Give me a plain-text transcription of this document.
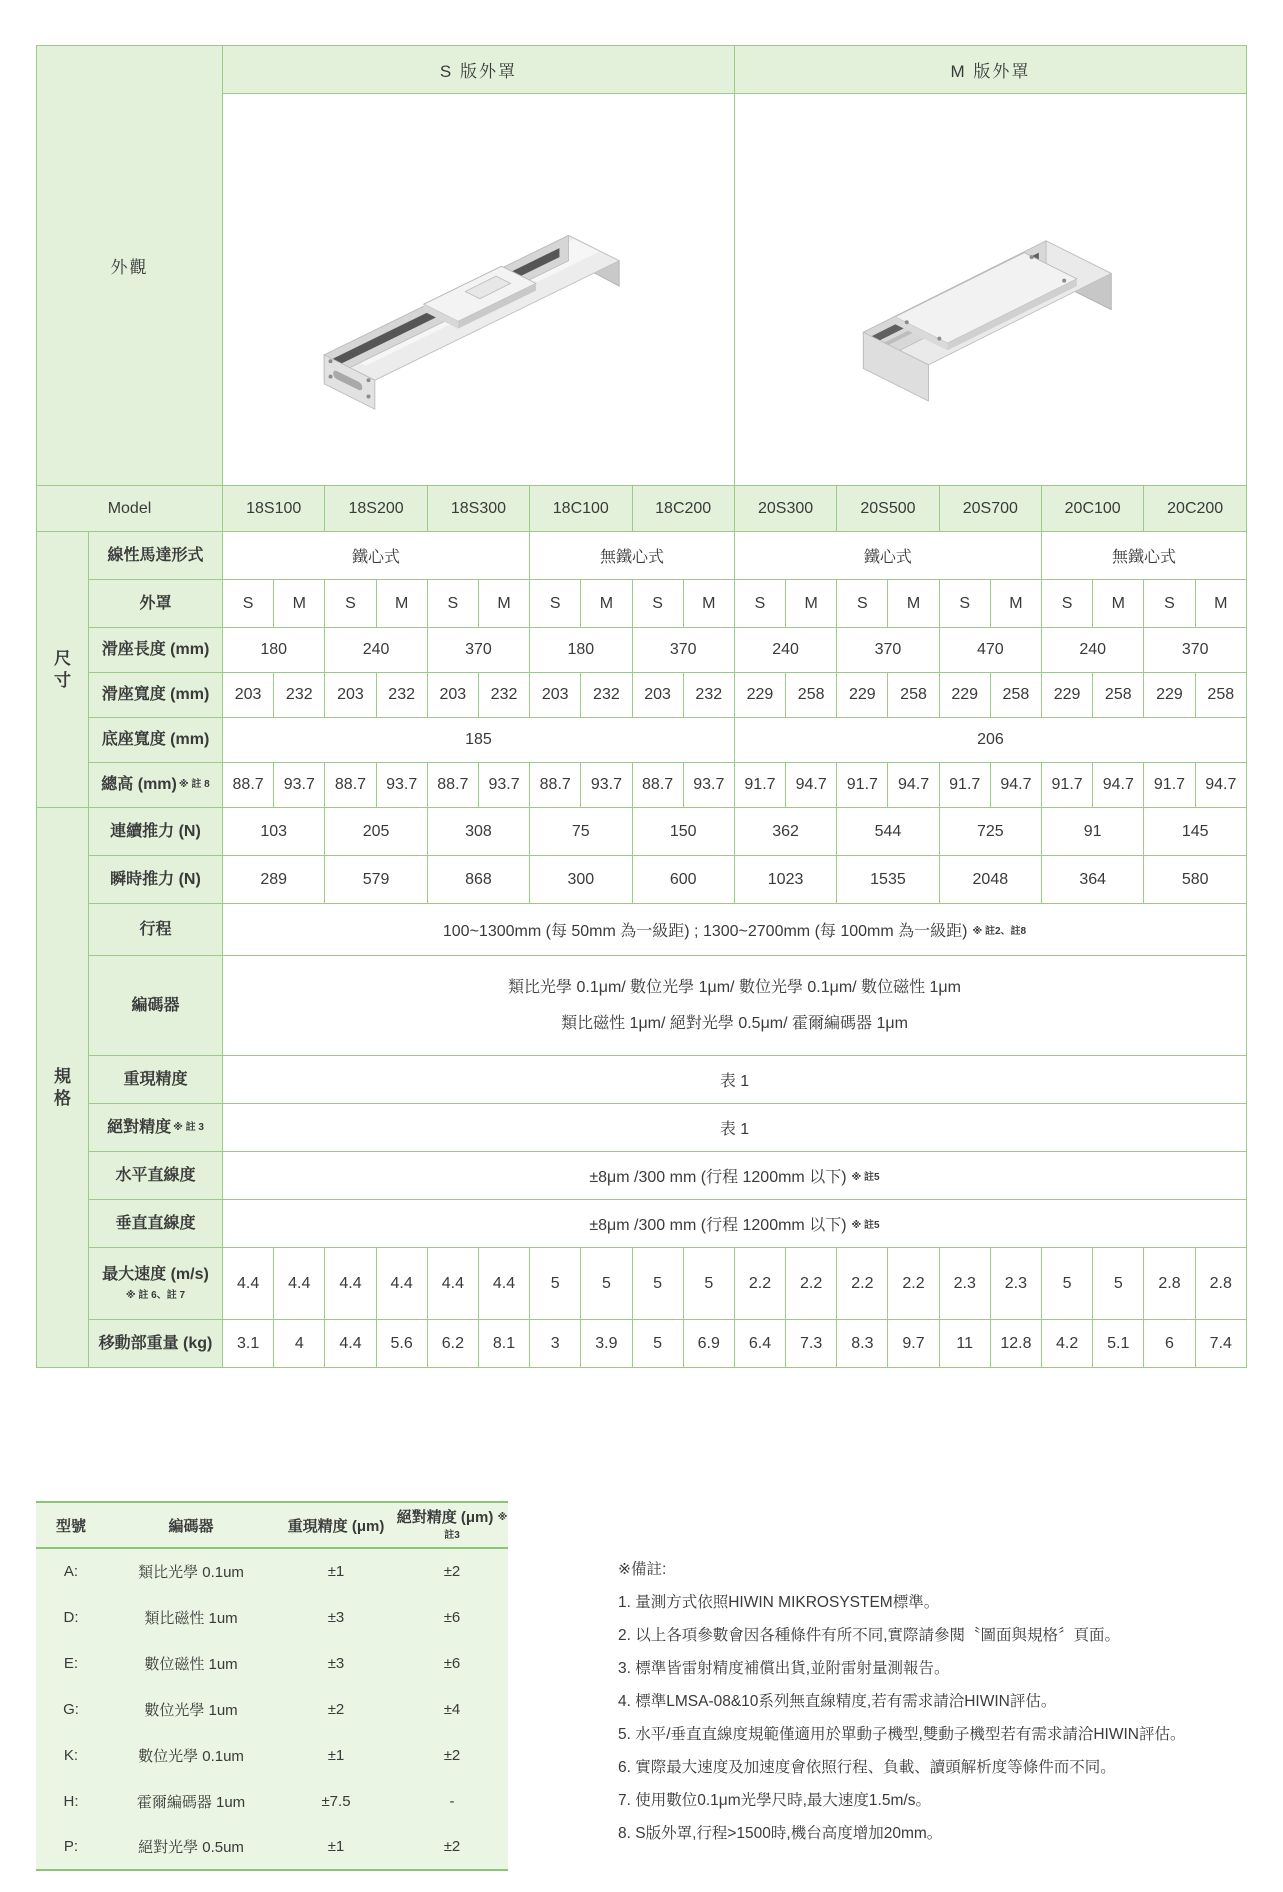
外觀		S 版外罩										M 版外罩									

Model		18S100		18S200		18S300		18C100		18C200		20S300		20S500		20S700		20C100		20C200	

尺
寸	線性馬達形式	鐵心式						無鐵心式				鐵心式						無鐵心式			
	外罩	S	M	S	M	S	M	S	M	S	M	S	M	S	M	S	M	S	M	S	M
	滑座長度 (mm)	180		240		370		180		370		240		370		470		240		370	
	滑座寬度 (mm)	203	232	203	232	203	232	203	232	203	232	229	258	229	258	229	258	229	258	229	258
	底座寬度 (mm)	185										206									
	總高 (mm) ※ 註 8	88.7	93.7	88.7	93.7	88.7	93.7	88.7	93.7	88.7	93.7	91.7	94.7	91.7	94.7	91.7	94.7	91.7	94.7	91.7	94.7

規
格	連續推力 (N)	103		205		308		75		150		362		544		725		91		145	
	瞬時推力 (N)	289		579		868		300		600		1023		1535		2048		364		580	
	行程	100~1300mm (每 50mm 為一級距) ; 1300~2700mm (每 100mm 為一級距) ※ 註2、註8																			
	編碼器	類比光學 0.1μm/ 數位光學 1μm/ 數位光學 0.1μm/ 數位磁性 1μm
類比磁性 1μm/ 絕對光學 0.5μm/ 霍爾編碼器 1μm																			

	重現精度	表 1																			
	絕對精度 ※ 註 3	表 1																			
	水平直線度	±8μm /300 mm (行程 1200mm 以下) ※ 註5																			
	垂直直線度	±8μm /300 mm (行程 1200mm 以下) ※ 註5																			
	最大速度 (m/s)
※ 註 6、註 7	4.4	4.4	4.4	4.4	4.4	4.4	5	5	5	5	2.2	2.2	2.2	2.2	2.3	2.3	5	5	2.8	2.8
	移動部重量 (kg)	3.1	4	4.4	5.6	6.2	8.1	3	3.9	5	6.9	6.4	7.3	8.3	9.7	11	12.8	4.2	5.1	6	7.4
型號	編碼器	重現精度 (μm)	絕對精度 (μm) ※註3
A:	類比光學 0.1um	±1	±2
D:	類比磁性 1um	±3	±6
E:	數位磁性 1um	±3	±6
G:	數位光學 1um	±2	±4
K:	數位光學 0.1um	±1	±2
H:	霍爾編碼器 1um	±7.5	-
P:	絕對光學 0.5um	±1	±2
※備註:
1. 量測方式依照HIWIN MIKROSYSTEM標準。
2. 以上各項參數會因各種條件有所不同,實際請參閱〝圖面與規格〞頁面。
3. 標準皆雷射精度補償出貨,並附雷射量測報告。
4. 標準LMSA-08&10系列無直線精度,若有需求請洽HIWIN評估。
5. 水平/垂直直線度規範僅適用於單動子機型,雙動子機型若有需求請洽HIWIN評估。
6. 實際最大速度及加速度會依照行程、負載、讀頭解析度等條件而不同。
7. 使用數位0.1μm光學尺時,最大速度1.5m/s。
8. S版外罩,行程>1500時,機台高度增加20mm。
